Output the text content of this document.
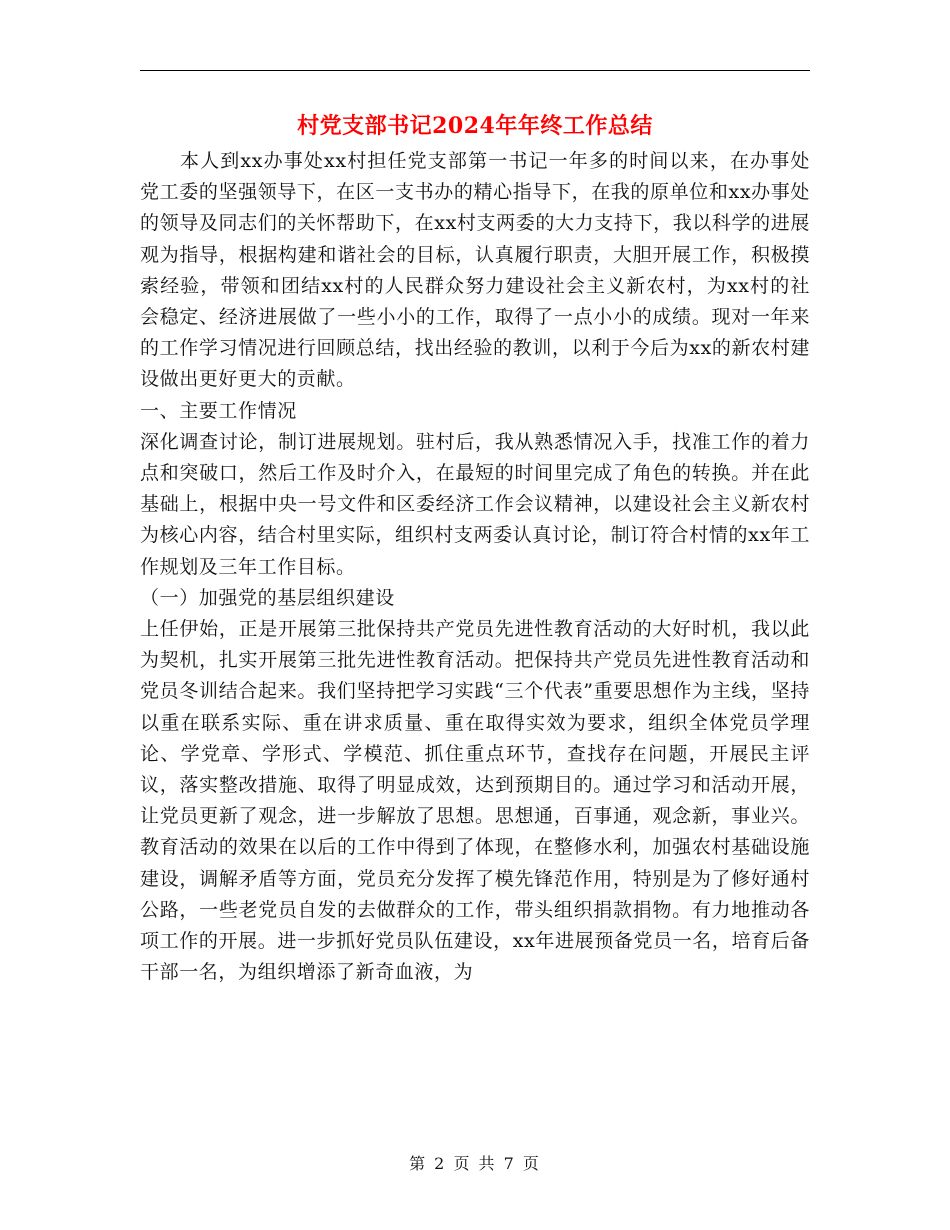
村党支部书记2024年年终工作总结

本人到xx办事处xx村担任党支部第一书记一年多的时间以来，在办事处党工委的坚强领导下，在区一支书办的精心指导下，在我的原单位和xx办事处的领导及同志们的关怀帮助下，在xx村支两委的大力支持下，我以科学的进展观为指导，根据构建和谐社会的目标，认真履行职责，大胆开展工作，积极摸索经验，带领和团结xx村的人民群众努力建设社会主义新农村，为xx村的社会稳定、经济进展做了一些小小的工作，取得了一点小小的成绩。现对一年来的工作学习情况进行回顾总结，找出经验的教训，以利于今后为xx的新农村建设做出更好更大的贡献。

一、主要工作情况

深化调查讨论，制订进展规划。驻村后，我从熟悉情况入手，找准工作的着力点和突破口，然后工作及时介入，在最短的时间里完成了角色的转换。并在此基础上，根据中央一号文件和区委经济工作会议精神，以建设社会主义新农村为核心内容，结合村里实际，组织村支两委认真讨论，制订符合村情的xx年工作规划及三年工作目标。

（一）加强党的基层组织建设

上任伊始，正是开展第三批保持共产党员先进性教育活动的大好时机，我以此为契机，扎实开展第三批先进性教育活动。把保持共产党员先进性教育活动和党员冬训结合起来。我们坚持把学习实践“三个代表”重要思想作为主线，坚持以重在联系实际、重在讲求质量、重在取得实效为要求，组织全体党员学理论、学党章、学形式、学模范、抓住重点环节，查找存在问题，开展民主评议，落实整改措施、取得了明显成效，达到预期目的。通过学习和活动开展，让党员更新了观念，进一步解放了思想。思想通，百事通，观念新，事业兴。教育活动的效果在以后的工作中得到了体现，在整修水利，加强农村基础设施建设，调解矛盾等方面，党员充分发挥了模先锋范作用，特别是为了修好通村公路，一些老党员自发的去做群众的工作，带头组织捐款捐物。有力地推动各项工作的开展。进一步抓好党员队伍建设，xx年进展预备党员一名，培育后备干部一名，为组织增添了新奇血液，为

第 2 页 共 7 页
